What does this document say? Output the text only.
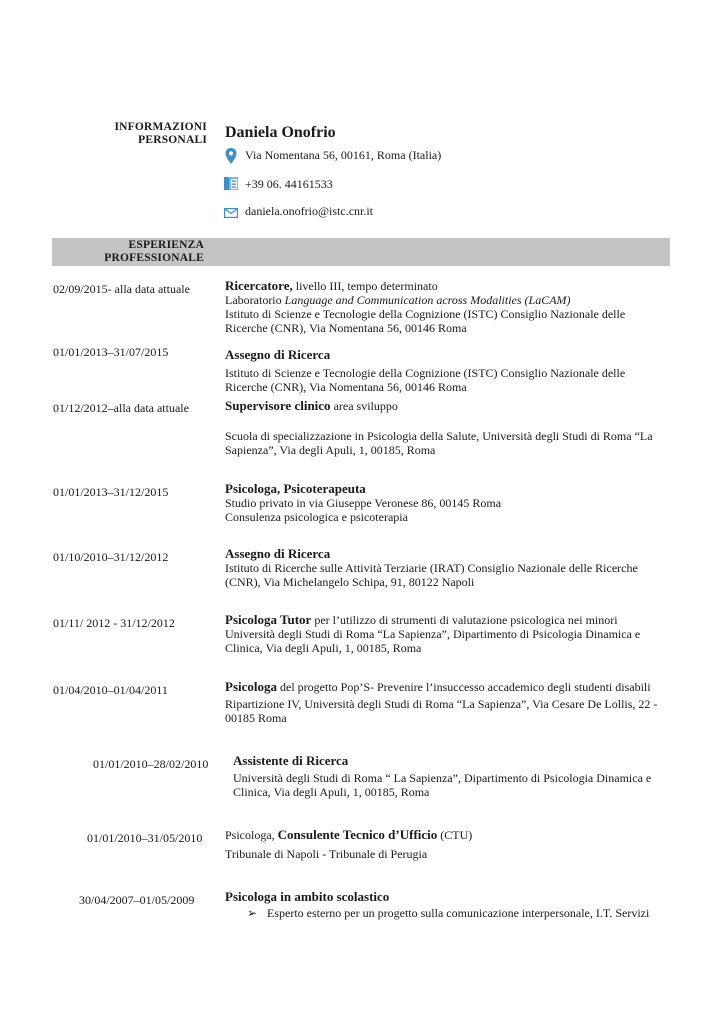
INFORMAZIONI
PERSONALI Daniela Onofrio
Via Nomentana 56, 00161, Roma (Italia)
+39 06. 44161533
daniela.onofrio@istc.cnr.it
ESPERIENZA
PROFESSIONALE
02/09/2015- alla data attuale	Ricercatore, livello III, tempo determinato

Laboratorio Language and Communication across Modalities (LaCAM)

Istituto di Scienze e Tecnologie della Cognizione (ISTC) Consiglio Nazionale delle

Ricerche (CNR), Via Nomentana 56, 00146 Roma

01/01/2013–31/07/2015	Assegno di Ricerca

Istituto di Scienze e Tecnologie della Cognizione (ISTC) Consiglio Nazionale delle

Ricerche (CNR), Via Nomentana 56, 00146 Roma

01/12/2012–alla data attuale	Supervisore clinico area sviluppo

Scuola di specializzazione in Psicologia della Salute, Università degli Studi di Roma “La

Sapienza”, Via degli Apuli, 1, 00185, Roma

01/01/2013–31/12/2015	Psicologa, Psicoterapeuta

Studio privato in via Giuseppe Veronese 86, 00145 Roma

Consulenza psicologica e psicoterapia

01/10/2010–31/12/2012	Assegno di Ricerca

Istituto di Ricerche sulle Attività Terziarie (IRAT) Consiglio Nazionale delle Ricerche

(CNR), Via Michelangelo Schipa, 91, 80122 Napoli

01/11/ 2012 - 31/12/2012	Psicologa Tutor per l’utilizzo di strumenti di valutazione psicologica nei minori

Università degli Studi di Roma “La Sapienza”, Dipartimento di Psicologia Dinamica e

Clinica, Via degli Apuli, 1, 00185, Roma

01/04/2010–01/04/2011	Psicologa del progetto Pop’S- Prevenire l’insuccesso accademico degli studenti disabili

Ripartizione IV, Università degli Studi di Roma “La Sapienza”, Via Cesare De Lollis, 22 -

00185 Roma

01/01/2010–28/02/2010 Assistente di Ricerca

Università degli Studi di Roma “ La Sapienza”, Dipartimento di Psicologia Dinamica e

Clinica, Via degli Apuli, 1, 00185, Roma

01/01/2010–31/05/2010 Psicologa, Consulente Tecnico d’Ufficio (CTU)

Tribunale di Napoli - Tribunale di Perugia

30/04/2007–01/05/2009 Psicologa in ambito scolastico

➢ Esperto esterno per un progetto sulla comunicazione interpersonale, I.T. Servizi
